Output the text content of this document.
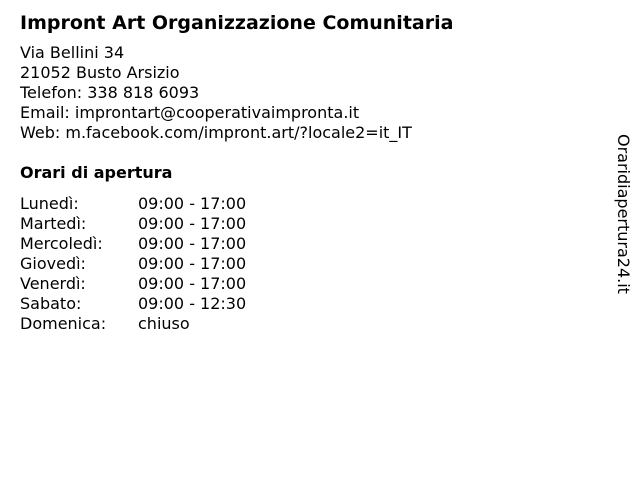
Impront Art Organizzazione Comunitaria
Via Bellini 34
21052 Busto Arsizio
Telefon: 338 818 6093
Email: improntart@cooperativaimpronta.it
Web: m.facebook.com/impront.art/?locale2=it_IT
Orari di apertura
Lunedì:	09:00 - 17:00
Martedì:	09:00 - 17:00
Mercoledì: 09:00 - 17:00
Giovedì:	09:00 - 17:00
Venerdì:	09:00 - 17:00
Sabato:	09:00 - 12:30
Domenica: chiuso
Oraridiapertura24.it
